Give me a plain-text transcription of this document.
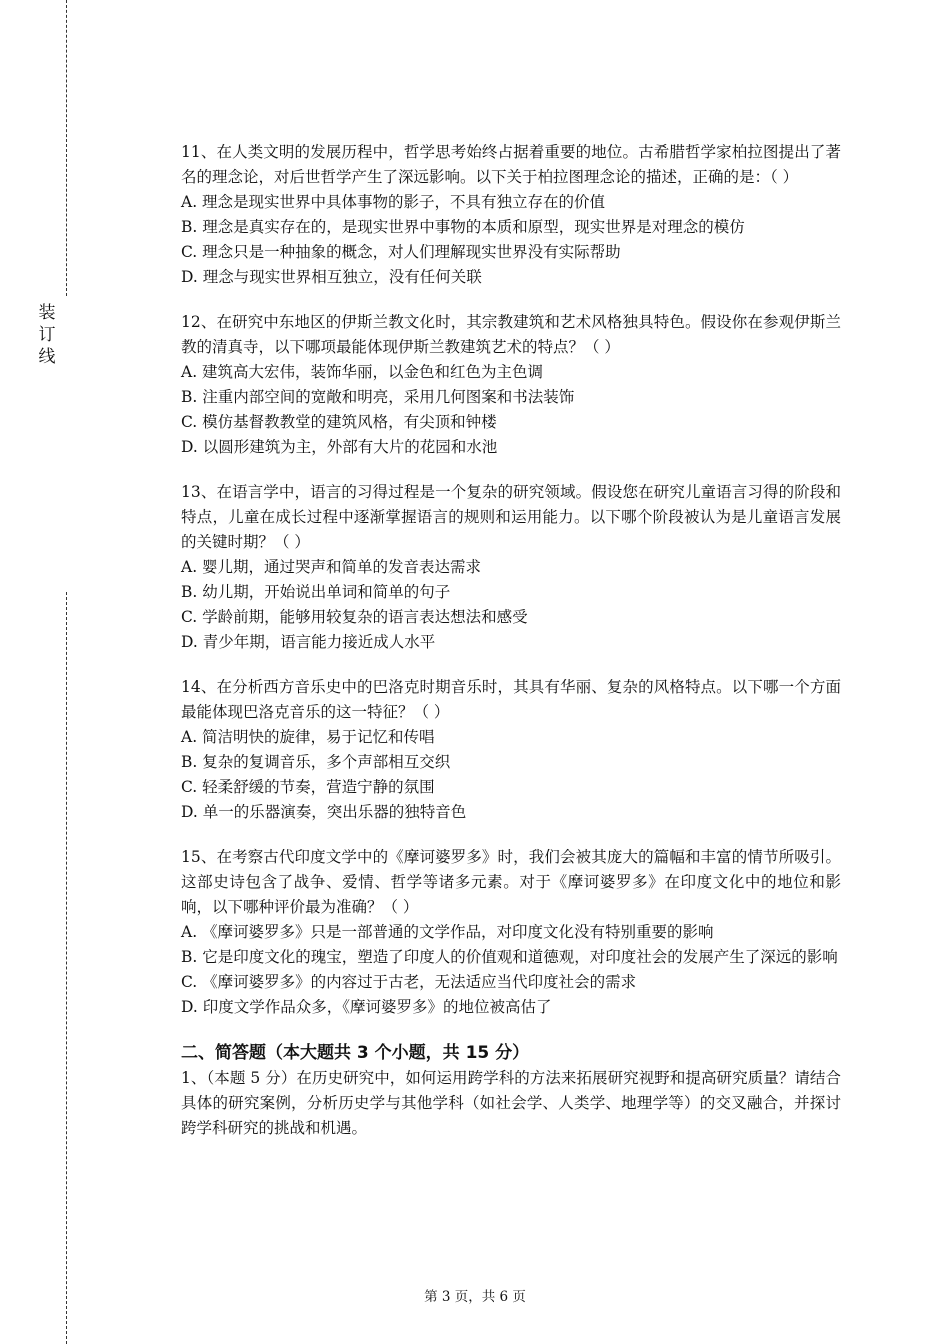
装
订
线
11、在人类文明的发展历程中，哲学思考始终占据着重要的地位。古希腊哲学家柏拉图提出了著名的理念论，对后世哲学产生了深远影响。以下关于柏拉图理念论的描述，正确的是：（ ）
A. 理念是现实世界中具体事物的影子，不具有独立存在的价值
B. 理念是真实存在的，是现实世界中事物的本质和原型，现实世界是对理念的模仿
C. 理念只是一种抽象的概念，对人们理解现实世界没有实际帮助
D. 理念与现实世界相互独立，没有任何关联
12、在研究中东地区的伊斯兰教文化时，其宗教建筑和艺术风格独具特色。假设你在参观伊斯兰教的清真寺，以下哪项最能体现伊斯兰教建筑艺术的特点？（ ）
A. 建筑高大宏伟，装饰华丽，以金色和红色为主色调
B. 注重内部空间的宽敞和明亮，采用几何图案和书法装饰
C. 模仿基督教教堂的建筑风格，有尖顶和钟楼
D. 以圆形建筑为主，外部有大片的花园和水池
13、在语言学中，语言的习得过程是一个复杂的研究领域。假设您在研究儿童语言习得的阶段和特点，儿童在成长过程中逐渐掌握语言的规则和运用能力。以下哪个阶段被认为是儿童语言发展的关键时期？（ ）
A. 婴儿期，通过哭声和简单的发音表达需求
B. 幼儿期，开始说出单词和简单的句子
C. 学龄前期，能够用较复杂的语言表达想法和感受
D. 青少年期，语言能力接近成人水平
14、在分析西方音乐史中的巴洛克时期音乐时，其具有华丽、复杂的风格特点。以下哪一个方面最能体现巴洛克音乐的这一特征？（ ）
A. 简洁明快的旋律，易于记忆和传唱
B. 复杂的复调音乐，多个声部相互交织
C. 轻柔舒缓的节奏，营造宁静的氛围
D. 单一的乐器演奏，突出乐器的独特音色
15、在考察古代印度文学中的《摩诃婆罗多》时，我们会被其庞大的篇幅和丰富的情节所吸引。这部史诗包含了战争、爱情、哲学等诸多元素。对于《摩诃婆罗多》在印度文化中的地位和影响，以下哪种评价最为准确？（ ）
A. 《摩诃婆罗多》只是一部普通的文学作品，对印度文化没有特别重要的影响
B. 它是印度文化的瑰宝，塑造了印度人的价值观和道德观，对印度社会的发展产生了深远的影响
C. 《摩诃婆罗多》的内容过于古老，无法适应当代印度社会的需求
D. 印度文学作品众多，《摩诃婆罗多》的地位被高估了
二、简答题（本大题共 3 个小题，共 15 分）
1、（本题 5 分）在历史研究中，如何运用跨学科的方法来拓展研究视野和提高研究质量？请结合具体的研究案例，分析历史学与其他学科（如社会学、人类学、地理学等）的交叉融合，并探讨跨学科研究的挑战和机遇。
第 3 页，共 6 页
